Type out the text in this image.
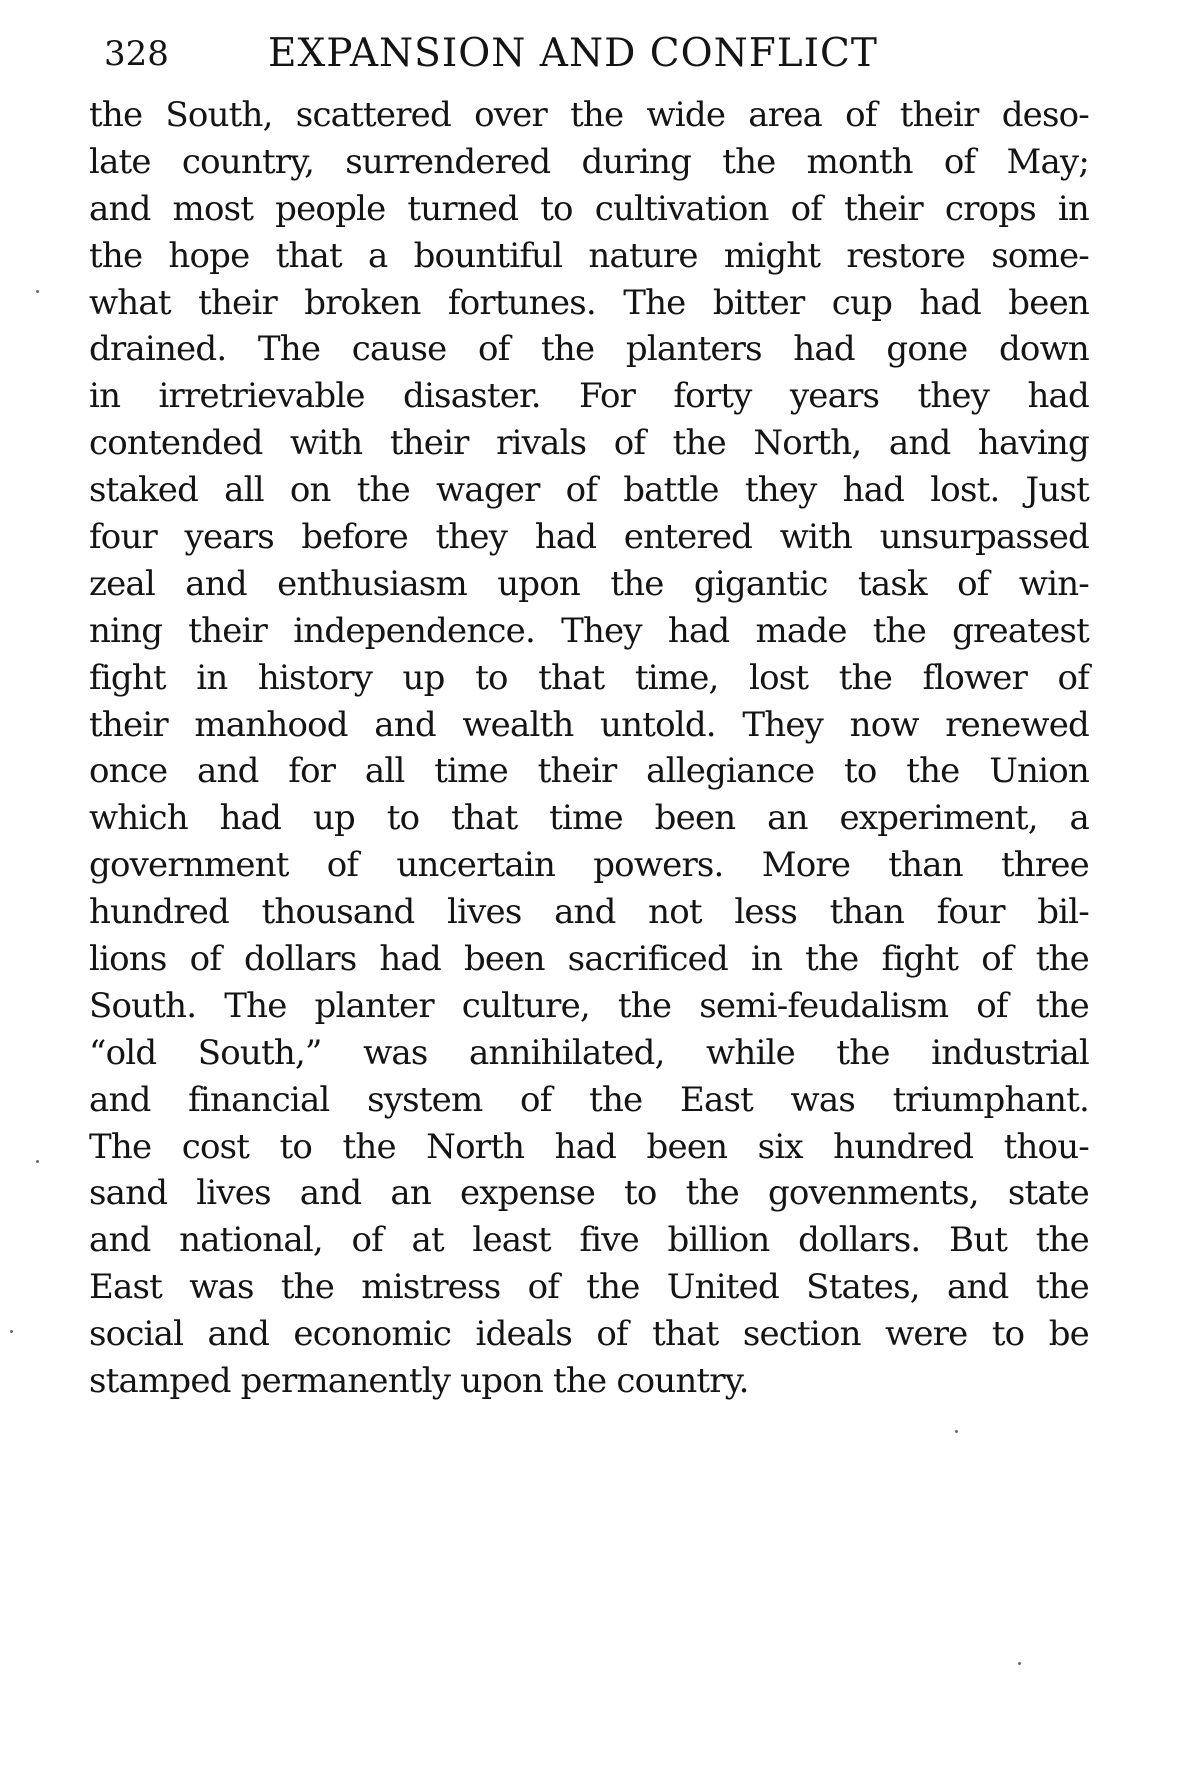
328	EXPANSION AND CONFLICT
the South, scattered over the wide area of their deso-
late country, surrendered during the month of May;
and most people turned to cultivation of their crops in
the hope that a bountiful nature might restore some-
what their broken fortunes. The bitter cup had been
drained. The cause of the planters had gone down
in irretrievable disaster. For forty years they had
contended with their rivals of the North, and having
staked all on the wager of battle they had lost. Just
four years before they had entered with unsurpassed
zeal and enthusiasm upon the gigantic task of win-
ning their independence. They had made the greatest
fight in history up to that time, lost the flower of
their manhood and wealth untold. They now renewed
once and for all time their allegiance to the Union
which had up to that time been an experiment, a
government of uncertain powers. More than three
hundred thousand lives and not less than four bil-
lions of dollars had been sacrificed in the fight of the
South. The planter culture, the semi-feudalism of the
“old South,” was annihilated, while the industrial
and financial system of the East was triumphant.
The cost to the North had been six hundred thou-
sand lives and an expense to the govenments, state
and national, of at least five billion dollars. But the
East was the mistress of the United States, and the
social and economic ideals of that section were to be
stamped permanently upon the country.
